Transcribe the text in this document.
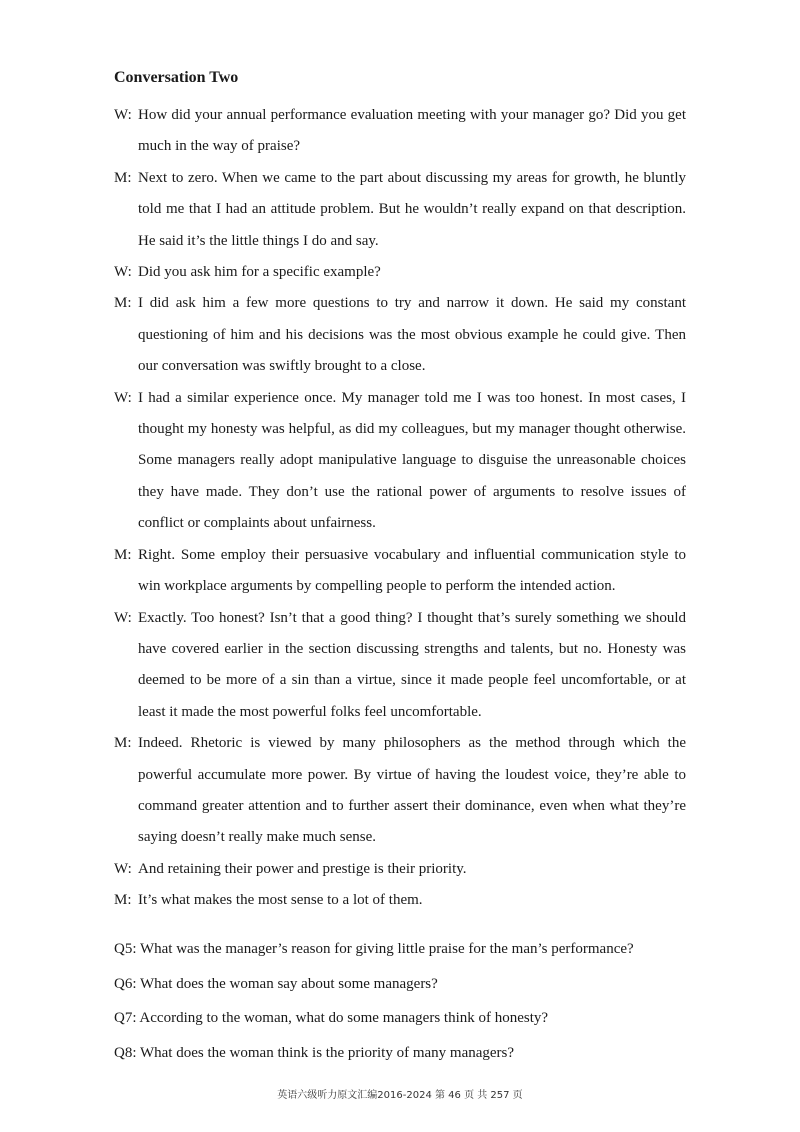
Conversation Two

W: How did your annual performance evaluation meeting with your manager go? Did you get much in the way of praise?

M: Next to zero. When we came to the part about discussing my areas for growth, he bluntly told me that I had an attitude problem. But he wouldn’t really expand on that description. He said it’s the little things I do and say.

W: Did you ask him for a specific example?

M: I did ask him a few more questions to try and narrow it down. He said my constant questioning of him and his decisions was the most obvious example he could give. Then our conversation was swiftly brought to a close.

W: I had a similar experience once. My manager told me I was too honest. In most cases, I thought my honesty was helpful, as did my colleagues, but my manager thought otherwise. Some managers really adopt manipulative language to disguise the unreasonable choices they have made. They don’t use the rational power of arguments to resolve issues of conflict or complaints about unfairness.

M: Right. Some employ their persuasive vocabulary and influential communication style to win workplace arguments by compelling people to perform the intended action.

W: Exactly. Too honest? Isn’t that a good thing? I thought that’s surely something we should have covered earlier in the section discussing strengths and talents, but no. Honesty was deemed to be more of a sin than a virtue, since it made people feel uncomfortable, or at least it made the most powerful folks feel uncomfortable.

M: Indeed. Rhetoric is viewed by many philosophers as the method through which the powerful accumulate more power. By virtue of having the loudest voice, they’re able to command greater attention and to further assert their dominance, even when what they’re saying doesn’t really make much sense.

W: And retaining their power and prestige is their priority.

M: It’s what makes the most sense to a lot of them.

Q5: What was the manager’s reason for giving little praise for the man’s performance?

Q6: What does the woman say about some managers?

Q7: According to the woman, what do some managers think of honesty?

Q8: What does the woman think is the priority of many managers?

英语六级听力原文汇编2016-2024 第 46 页 共 257 页
